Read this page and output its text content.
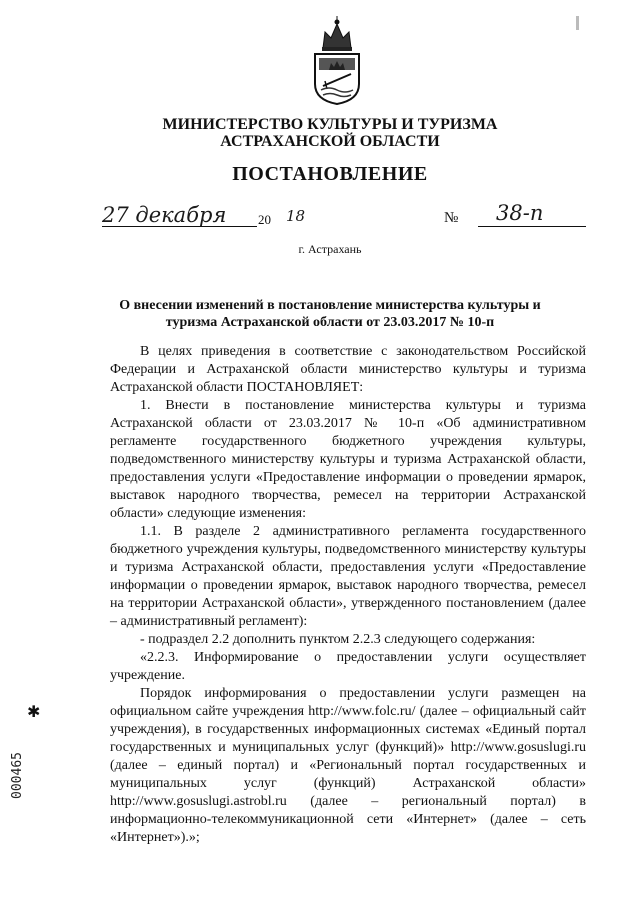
МИНИСТЕРСТВО КУЛЬТУРЫ И ТУРИЗМА
АСТРАХАНСКОЙ ОБЛАСТИ
ПОСТАНОВЛЕНИЕ
27 декабря 20 18	№ 38-п
г. Астрахань
О внесении изменений в постановление министерства культуры и
туризма Астраханской области от 23.03.2017 № 10-п

В целях приведения в соответствие с законодательством Российской Федерации и Астраханской области министерство культуры и туризма Астраханской области ПОСТАНОВЛЯЕТ:

1. Внести в постановление министерства культуры и туризма Астраханской области от 23.03.2017 № 10-п «Об административном регламенте государственного бюджетного учреждения культуры, подведомственного министерству культуры и туризма Астраханской области, предоставления услуги «Предоставление информации о проведении ярмарок, выставок народного творчества, ремесел на территории Астраханской области» следующие изменения:

1.1. В разделе 2 административного регламента государственного бюджетного учреждения культуры, подведомственного министерству культуры и туризма Астраханской области, предоставления услуги «Предоставление информации о проведении ярмарок, выставок народного творчества, ремесел на территории Астраханской области», утвержденного постановлением (далее – административный регламент):

- подраздел 2.2 дополнить пунктом 2.2.3 следующего содержания:

«2.2.3. Информирование о предоставлении услуги осуществляет учреждение.

Порядок информирования о предоставлении услуги размещен на официальном сайте учреждения http://www.folc.ru/ (далее – официальный сайт учреждения), в государственных информационных системах «Единый портал государственных и муниципальных услуг (функций)» http://www.gosuslugi.ru (далее – единый портал) и «Региональный портал государственных и муниципальных услуг (функций) Астраханской области» http://www.gosuslugi.astrobl.ru (далее – региональный портал) в информационно-телекоммуникационной сети «Интернет» (далее – сеть «Интернет»).»;

✱
000465
